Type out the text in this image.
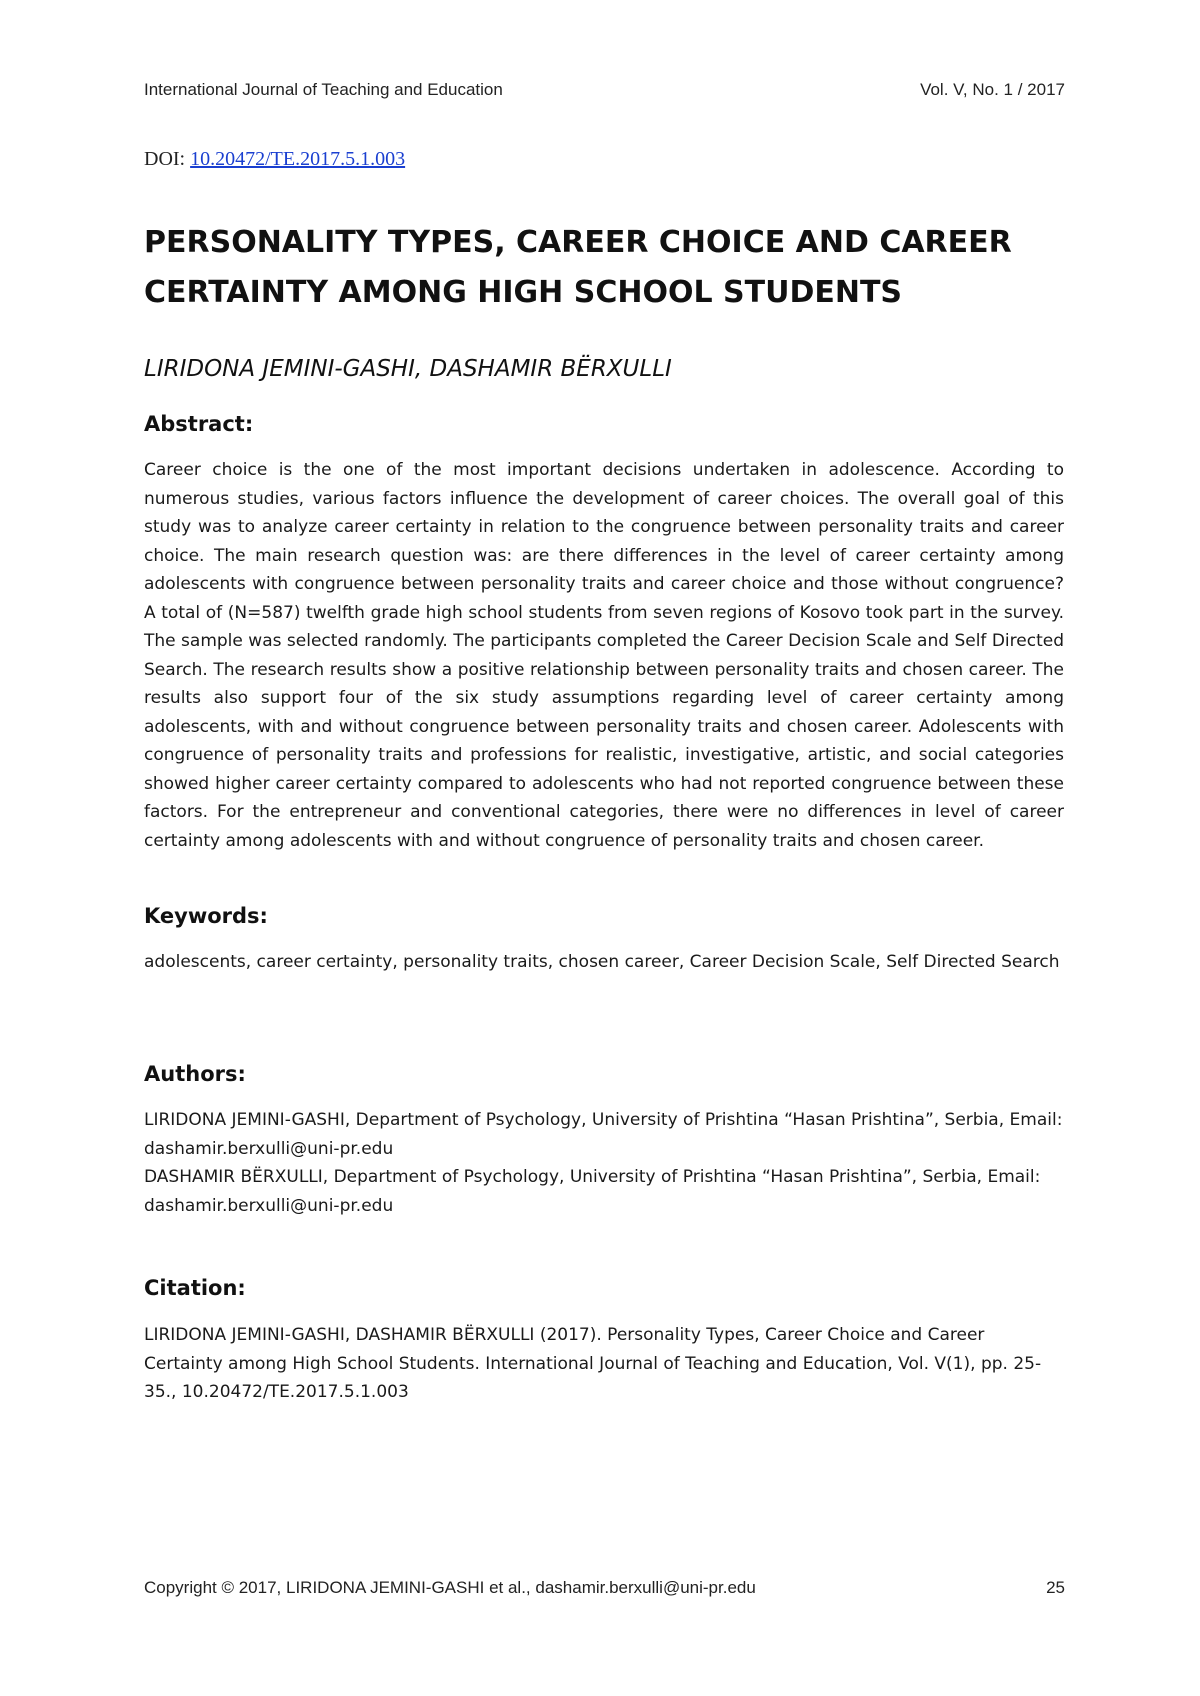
International Journal of Teaching and Education	Vol. V, No. 1 / 2017
DOI: 10.20472/TE.2017.5.1.003
PERSONALITY TYPES, CAREER CHOICE AND CAREER CERTAINTY AMONG HIGH SCHOOL STUDENTS
LIRIDONA JEMINI-GASHI, DASHAMIR BËRXULLI
Abstract:

Career choice is the one of the most important decisions undertaken in adolescence. According to numerous studies, various factors influence the development of career choices. The overall goal of this study was to analyze career certainty in relation to the congruence between personality traits and career choice. The main research question was: are there differences in the level of career certainty among adolescents with congruence between personality traits and career choice and those without congruence? A total of (N=587) twelfth grade high school students from seven regions of Kosovo took part in the survey. The sample was selected randomly. The participants completed the Career Decision Scale and Self Directed Search. The research results show a positive relationship between personality traits and chosen career. The results also support four of the six study assumptions regarding level of career certainty among adolescents, with and without congruence between personality traits and chosen career. Adolescents with congruence of personality traits and professions for realistic, investigative, artistic, and social categories showed higher career certainty compared to adolescents who had not reported congruence between these factors. For the entrepreneur and conventional categories, there were no differences in level of career certainty among adolescents with and without congruence of personality traits and chosen career.

Keywords:

adolescents, career certainty, personality traits, chosen career, Career Decision Scale, Self Directed Search

Authors:

LIRIDONA JEMINI-GASHI, Department of Psychology, University of Prishtina “Hasan Prishtina”, Serbia, Email: dashamir.berxulli@uni-pr.edu

DASHAMIR BËRXULLI, Department of Psychology, University of Prishtina “Hasan Prishtina”, Serbia, Email: dashamir.berxulli@uni-pr.edu

Citation:

LIRIDONA JEMINI-GASHI, DASHAMIR BËRXULLI (2017). Personality Types, Career Choice and Career Certainty among High School Students. International Journal of Teaching and Education, Vol. V(1), pp. 25-35., 10.20472/TE.2017.5.1.003

Copyright © 2017, LIRIDONA JEMINI-GASHI et al., dashamir.berxulli@uni-pr.edu	25
